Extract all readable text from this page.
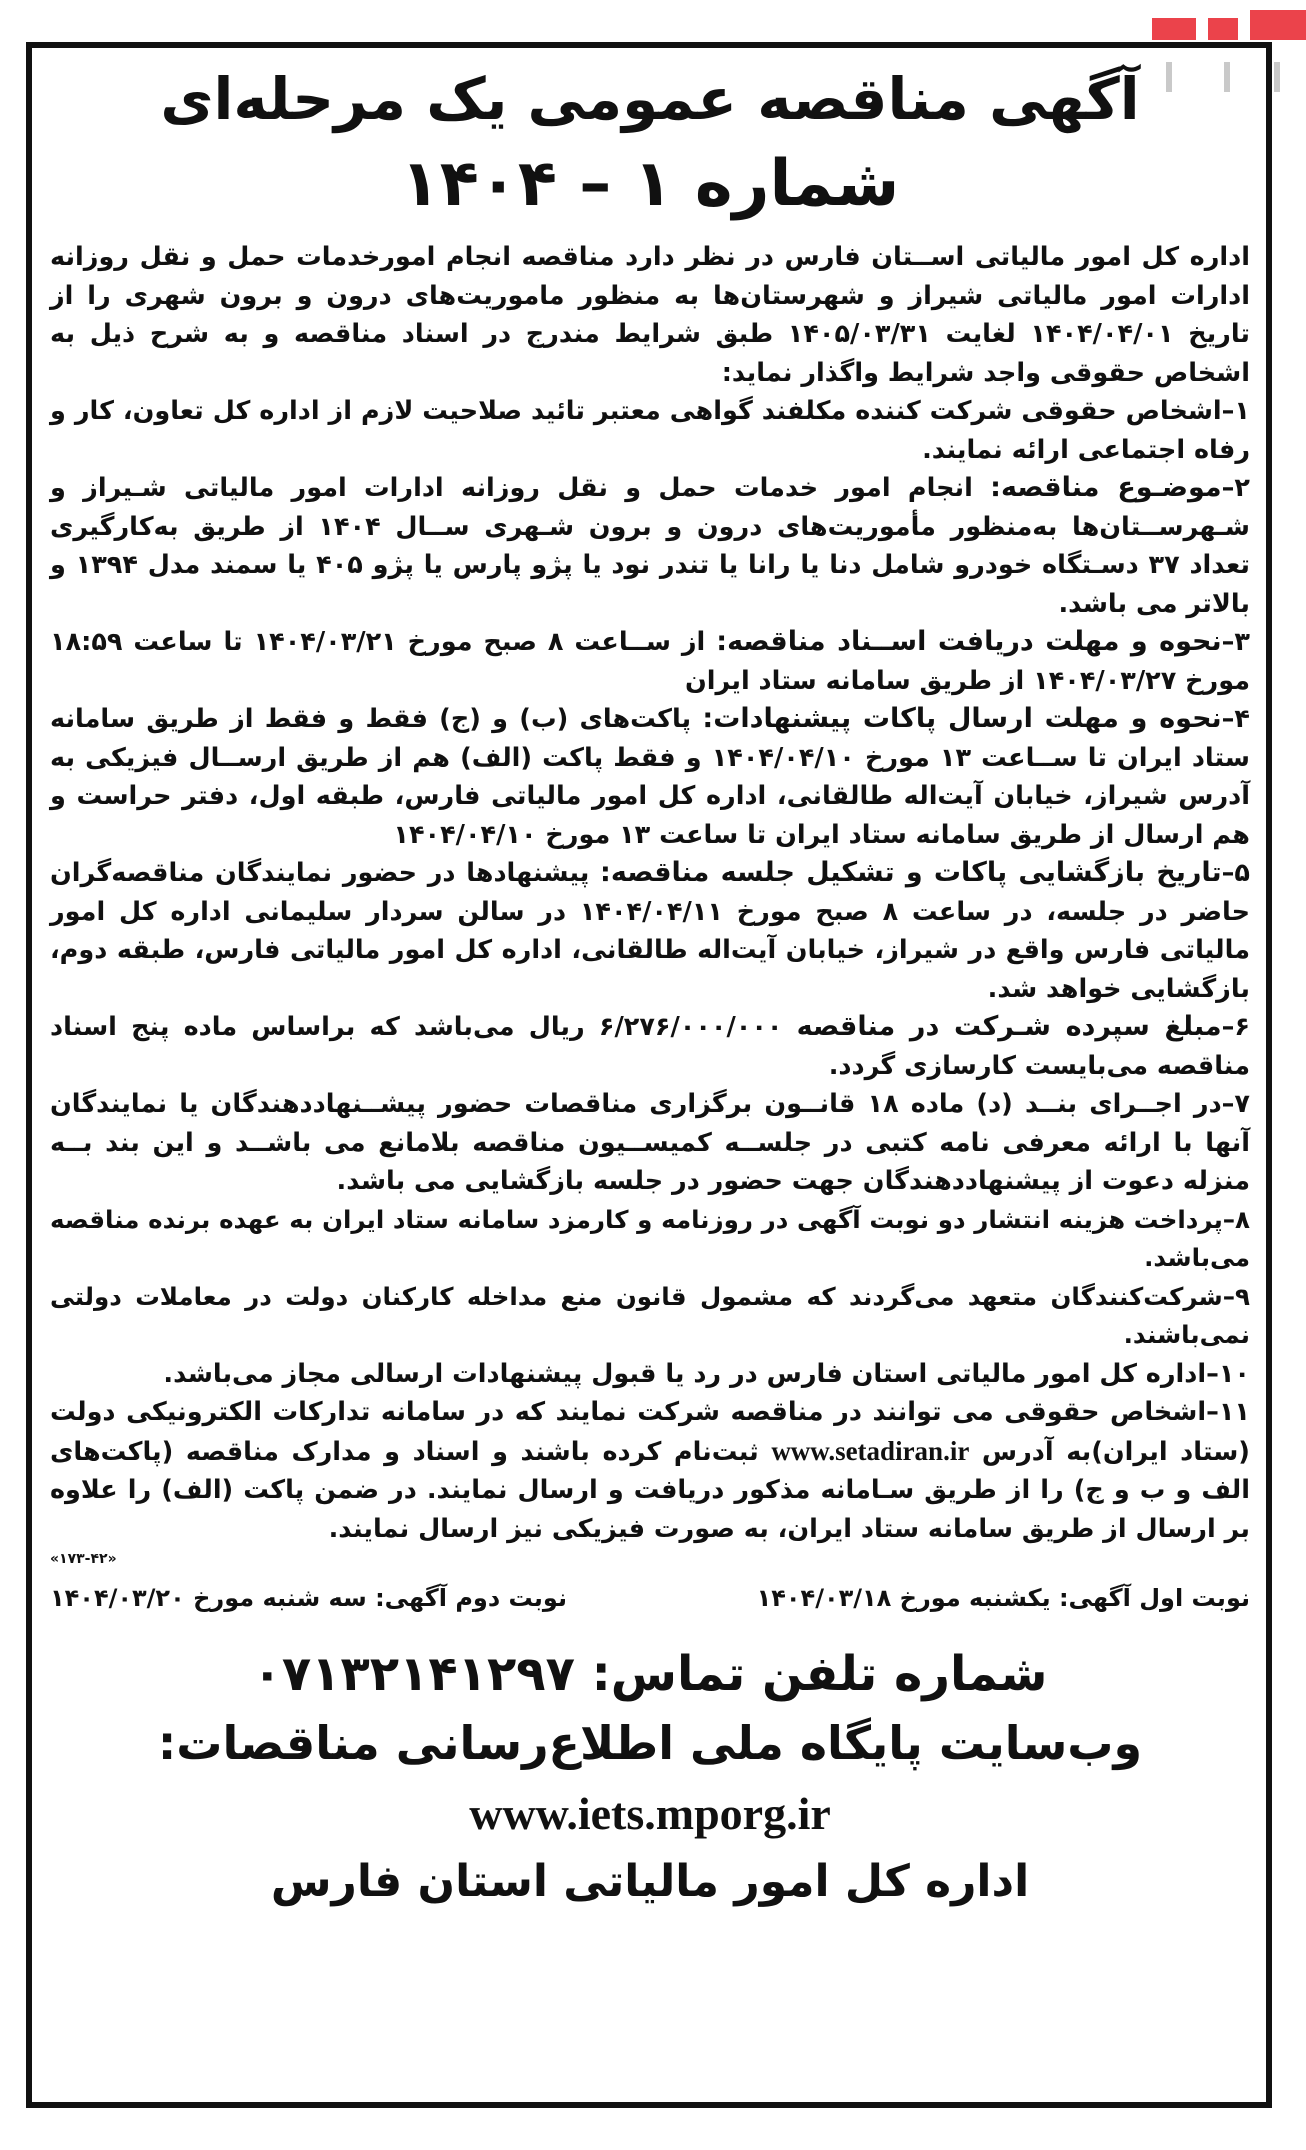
آگهی مناقصه عمومی یک مرحله‌ای
شماره ۱ – ۱۴۰۴

اداره کل امور مالیاتی اســتان فارس در نظر دارد مناقصه انجام امورخدمات حمل و نقل روزانه ادارات امور مالیاتی شیراز و شهرستان‌ها به منظور ماموریت‌های درون و برون شهری را از تاریخ ۱۴۰۴/۰۴/۰۱ لغایت ۱۴۰۵/۰۳/۳۱ طبق شرایط مندرج در اسناد مناقصه و به شرح ذیل به اشخاص حقوقی واجد شرایط واگذار نماید:

۱–اشخاص حقوقی شرکت کننده مکلفند گواهی معتبر تائید صلاحیت لازم از اداره کل تعاون، کار و رفاه اجتماعی ارائه نمایند.

۲–موضـوع مناقصه: انجام امور خدمات حمل و نقل روزانه ادارات امور مالیاتی شـیراز و شـهرســتان‌ها به‌منظور مأموریت‌های درون و برون شـهری ســال ۱۴۰۴ از طریق به‌کارگیری تعداد ۳۷ دسـتگاه خودرو شامل دنا یا رانا یا تندر نود یا پژو پارس یا پژو ۴۰۵ یا سمند مدل ۱۳۹۴ و بالاتر می باشد.

۳–نحوه و مهلت دریافت اســناد مناقصه: از ســاعت ۸ صبح مورخ ۱۴۰۴/۰۳/۲۱ تا ساعت ۱۸:۵۹ مورخ ۱۴۰۴/۰۳/۲۷ از طریق سامانه ستاد ایران

۴–نحوه و مهلت ارسال پاکات پیشنهادات: پاکت‌های (ب) و (ج) فقط و فقط از طریق سامانه ستاد ایران تا ســاعت ۱۳ مورخ ۱۴۰۴/۰۴/۱۰ و فقط پاکت (الف) هم از طریق ارســال فیزیکی به آدرس شیراز، خیابان آیت‌اله طالقانی، اداره کل امور مالیاتی فارس، طبقه اول، دفتر حراست و هم ارسال از طریق سامانه ستاد ایران تا ساعت ۱۳ مورخ ۱۴۰۴/۰۴/۱۰

۵–تاریخ بازگشایی پاکات و تشکیل جلسه مناقصه: پیشنهادها در حضور نمایندگان مناقصه‌گران حاضر در جلسه، در ساعت ۸ صبح مورخ ۱۴۰۴/۰۴/۱۱ در سالن سردار سلیمانی اداره کل امور مالیاتی فارس واقع در شیراز، خیابان آیت‌اله طالقانی، اداره کل امور مالیاتی فارس، طبقه دوم، بازگشایی خواهد شد.

۶–مبلغ سپرده شـرکت در مناقصه ۶/۲۷۶/۰۰۰/۰۰۰ ریال می‌باشد که براساس ماده پنج اسناد مناقصه می‌بایست کارسازی گردد.

۷–در اجــرای بنــد (د) ماده ۱۸ قانــون برگزاری مناقصات حضور پیشــنهاددهندگان یا نمایندگان آنها با ارائه معرفی نامه کتبی در جلســه کمیســیون مناقصه بلامانع می باشــد و این بند بــه منزله دعوت از پیشنهاددهندگان جهت حضور در جلسه بازگشایی می باشد.

۸–پرداخت هزینه انتشار دو نوبت آگهی در روزنامه و کارمزد سامانه ستاد ایران به عهده برنده مناقصه می‌باشد.

۹–شرکت‌کنندگان متعهد می‌گردند که مشمول قانون منع مداخله کارکنان دولت در معاملات دولتی نمی‌باشند.

۱۰–اداره کل امور مالیاتی استان فارس در رد یا قبول پیشنهادات ارسالی مجاز می‌باشد.

۱۱–اشخاص حقوقی می توانند در مناقصه شرکت نمایند که در سامانه تدارکات الکترونیکی دولت (ستاد ایران)به آدرس www.setadiran.ir ثبت‌نام کرده باشند و اسناد و مدارک مناقصه (پاکت‌های الف و ب و ج) را از طریق سـامانه مذکور دریافت و ارسال نمایند. در ضمن پاکت (الف) را علاوه بر ارسال از طریق سامانه ستاد ایران، به صورت فیزیکی نیز ارسال نمایند.

«۱۷۳-۴۲»

نوبت اول آگهی: یکشنبه مورخ ۱۴۰۴/۰۳/۱۸
نوبت دوم آگهی: سه شنبه مورخ ۱۴۰۴/۰۳/۲۰
شماره تلفن تماس: ۰۷۱۳۲۱۴۱۲۹۷
وب‌سایت پایگاه ملی اطلاع‌رسانی مناقصات: www.iets.mporg.ir
اداره کل امور مالیاتی استان فارس
